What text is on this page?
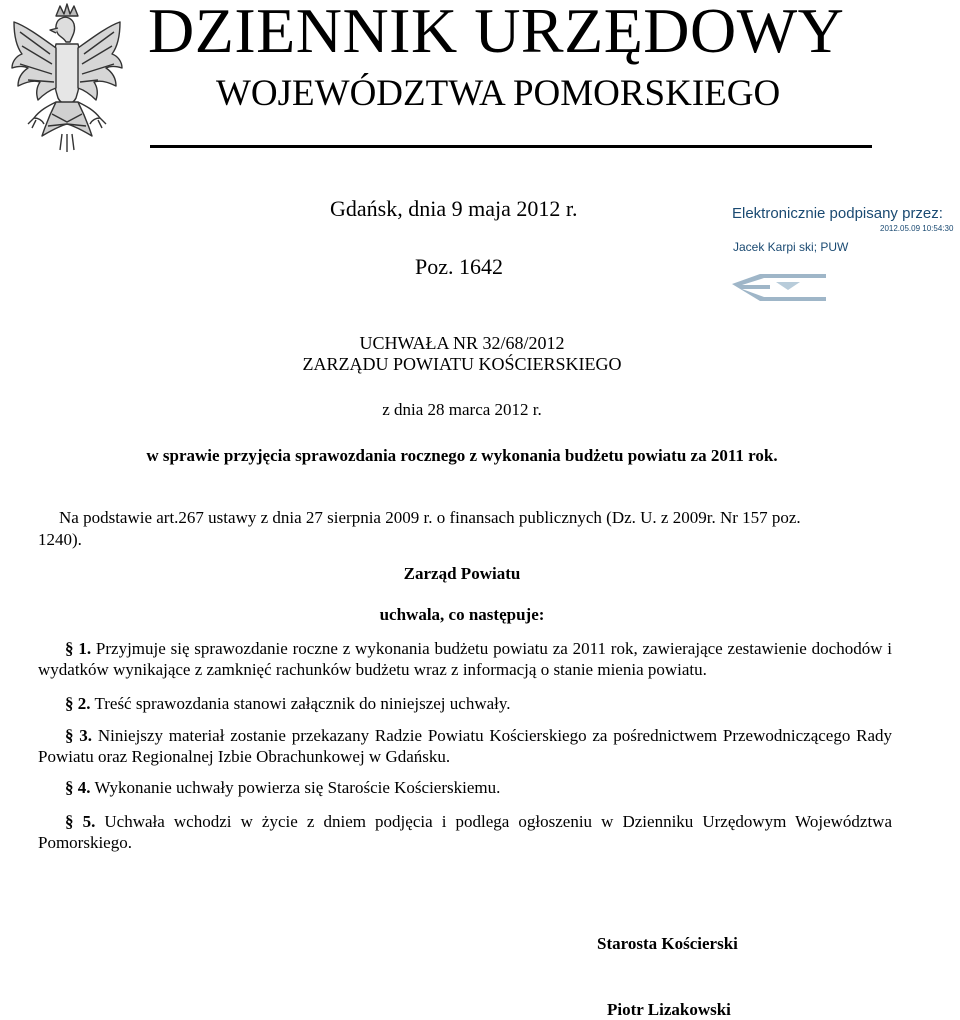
DZIENNIK URZĘDOWY
WOJEWÓDZTWA POMORSKIEGO
Gdańsk, dnia 9 maja 2012 r.
Poz. 1642
Elektronicznie podpisany przez:
2012.05.09 10:54:30
Jacek Karpi ski; PUW
UCHWAŁA NR 32/68/2012
ZARZĄDU POWIATU KOŚCIERSKIEGO
z dnia 28 marca 2012 r.
w sprawie przyjęcia sprawozdania rocznego z wykonania budżetu powiatu za 2011 rok.
Na podstawie art.267 ustawy z dnia 27 sierpnia 2009 r. o finansach publicznych (Dz. U. z 2009r. Nr 157 poz.
1240).
Zarząd Powiatu
uchwala, co następuje:
§ 1. Przyjmuje się sprawozdanie roczne z wykonania budżetu powiatu za 2011 rok, zawierające zestawienie dochodów i wydatków wynikające z zamknięć rachunków budżetu wraz z informacją o stanie mienia powiatu.
§ 2. Treść sprawozdania stanowi załącznik do niniejszej uchwały.
§ 3. Niniejszy materiał zostanie przekazany Radzie Powiatu Kościerskiego za pośrednictwem Przewodniczącego Rady Powiatu oraz Regionalnej Izbie Obrachunkowej w Gdańsku.
§ 4. Wykonanie uchwały powierza się Staroście Kościerskiemu.
§ 5. Uchwała wchodzi w życie z dniem podjęcia i podlega ogłoszeniu w Dzienniku Urzędowym Województwa Pomorskiego.
Starosta Kościerski
Piotr Lizakowski
